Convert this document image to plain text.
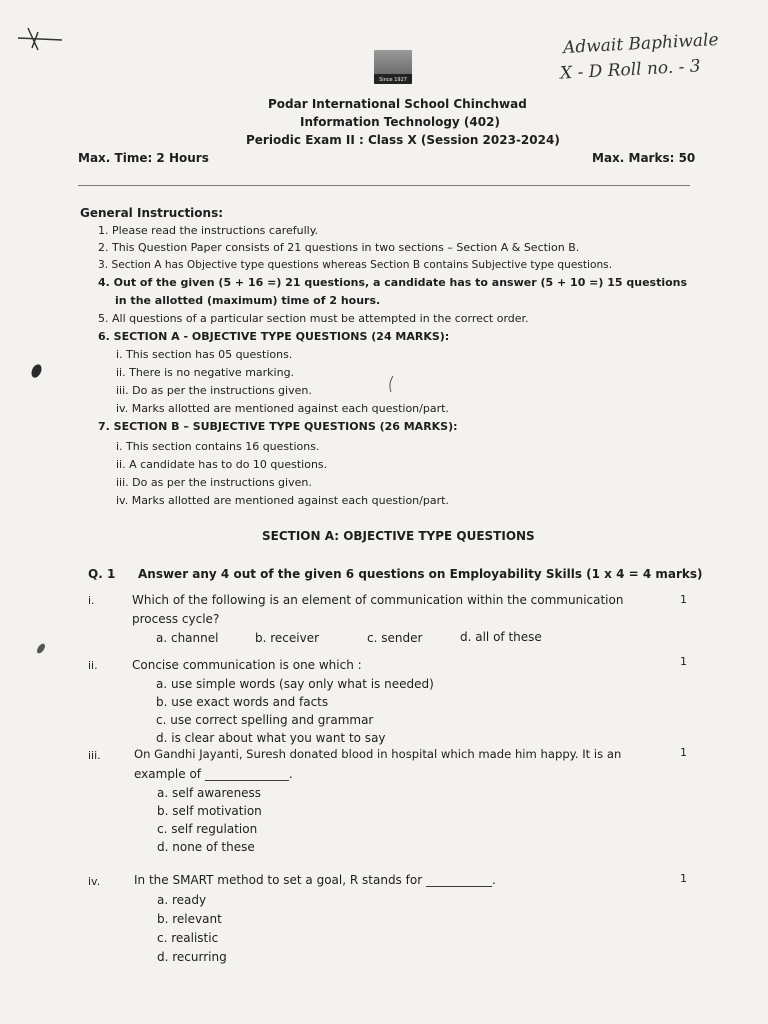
Since 1927
Adwait Baphiwale
X - D Roll no. - 3
Podar International School Chinchwad
Information Technology (402)
Periodic Exam II : Class X (Session 2023-2024)
Max. Time: 2 Hours	Max. Marks: 50
General Instructions:
1. Please read the instructions carefully.
2. This Question Paper consists of 21 questions in two sections – Section A & Section B.
3. Section A has Objective type questions whereas Section B contains Subjective type questions.
4. Out of the given (5 + 16 =) 21 questions, a candidate has to answer (5 + 10 =) 15 questions
in the allotted (maximum) time of 2 hours.
5. All questions of a particular section must be attempted in the correct order.
6. SECTION A - OBJECTIVE TYPE QUESTIONS (24 MARKS):
i. This section has 05 questions.
ii. There is no negative marking.
iii. Do as per the instructions given.
iv. Marks allotted are mentioned against each question/part.
7. SECTION B – SUBJECTIVE TYPE QUESTIONS (26 MARKS):
i. This section contains 16 questions.
ii. A candidate has to do 10 questions.
iii. Do as per the instructions given.
iv. Marks allotted are mentioned against each question/part.
SECTION A: OBJECTIVE TYPE QUESTIONS
Q. 1 Answer any 4 out of the given 6 questions on Employability Skills (1 x 4 = 4 marks)
i.	Which of the following is an element of communication within the communication
process cycle?
1
a. channel	b. receiver	c. sender	d. all of these
ii.	Concise communication is one which :	1
a. use simple words (say only what is needed)
b. use exact words and facts
c. use correct spelling and grammar
d. is clear about what you want to say
iii.	On Gandhi Jayanti, Suresh donated blood in hospital which made him happy. It is an
example of ______________.
1
a. self awareness
b. self motivation
c. self regulation
d. none of these
iv.	In the SMART method to set a goal, R stands for ___________.	1
a. ready
b. relevant
c. realistic
d. recurring
